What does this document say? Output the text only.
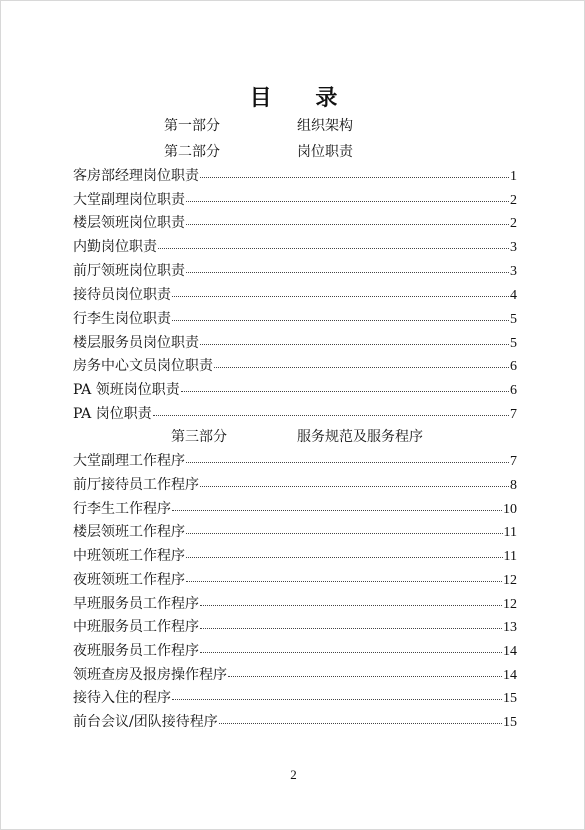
目 录
第一部分	组织架构
第二部分	岗位职责
客房部经理岗位职责	1
大堂副理岗位职责	2
楼层领班岗位职责	2
内勤岗位职责	3
前厅领班岗位职责	3
接待员岗位职责	4
行李生岗位职责	5
楼层服务员岗位职责	5
房务中心文员岗位职责	6
PA 领班岗位职责	6
PA 岗位职责	7
第三部分	服务规范及服务程序
大堂副理工作程序	7
前厅接待员工作程序	8
行李生工作程序	10
楼层领班工作程序	11
中班领班工作程序	11
夜班领班工作程序	12
早班服务员工作程序	12
中班服务员工作程序	13
夜班服务员工作程序	14
领班查房及报房操作程序	14
接待入住的程序	15
前台会议/团队接待程序	15
2
